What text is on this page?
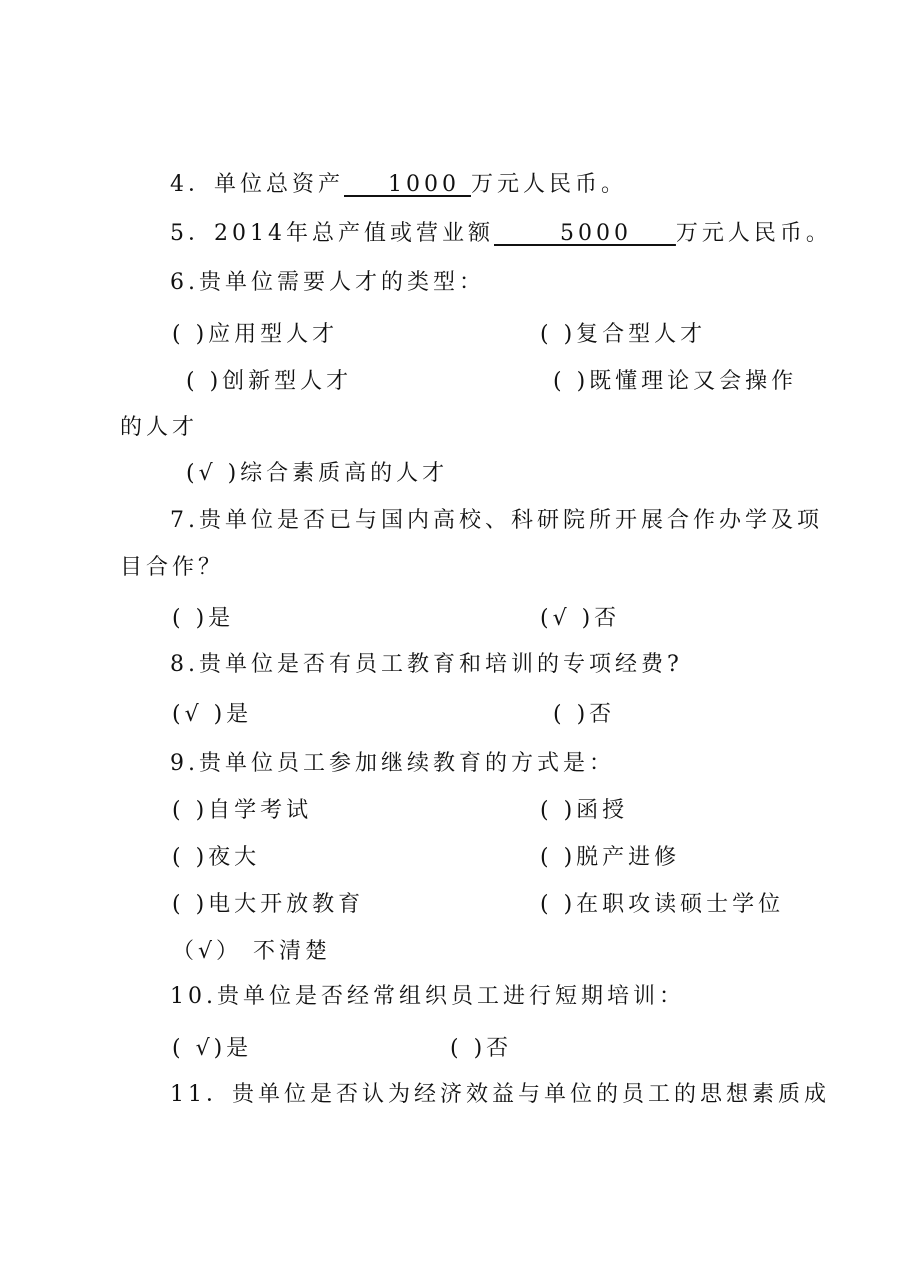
4．单位总资产    1000 万元人民币。
5．2014年总产值或营业额      5000    万元人民币。
6.贵单位需要人才的类型：
( )应用型人才	( )复合型人才
( )创新型人才	( )既懂理论又会操作
的人才
(√ )综合素质高的人才
7.贵单位是否已与国内高校、科研院所开展合作办学及项
目合作？
( )是	(√ )否
8.贵单位是否有员工教育和培训的专项经费?
(√ )是	( )否
9.贵单位员工参加继续教育的方式是：
( )自学考试	( )函授
( )夜大	( )脱产进修
( )电大开放教育	( )在职攻读硕士学位
（√） 不清楚
10.贵单位是否经常组织员工进行短期培训：
( √)是	( )否
11．贵单位是否认为经济效益与单位的员工的思想素质成
